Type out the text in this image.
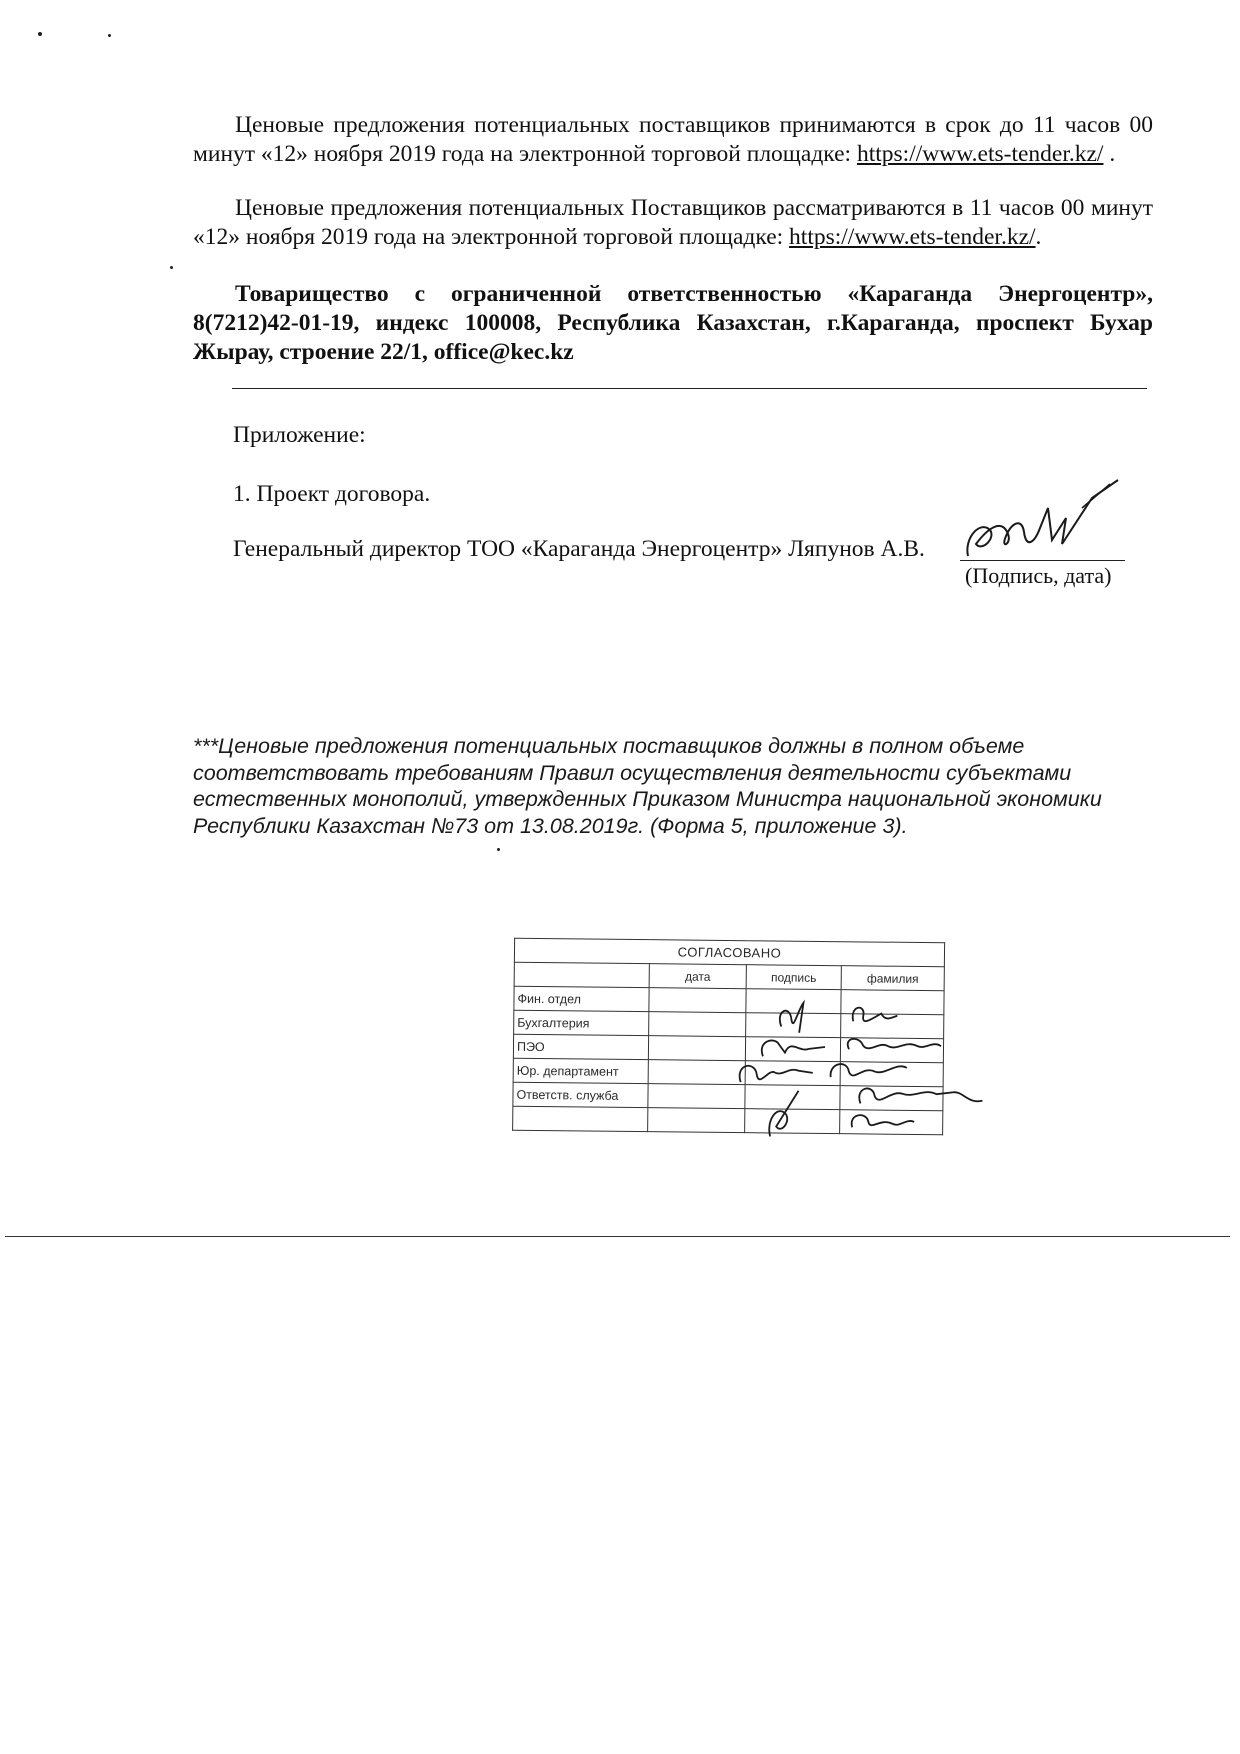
Ценовые предложения потенциальных поставщиков принимаются в срок до 11 часов 00 минут «12» ноября 2019 года на электронной торговой площадке: https://www.ets-tender.kz/ .
Ценовые предложения потенциальных Поставщиков рассматриваются в 11 часов 00 минут «12» ноября 2019 года на электронной торговой площадке: https://www.ets-tender.kz/.
Товарищество с ограниченной ответственностью «Караганда Энергоцентр», 8(7212)42-01-19, индекс 100008, Республика Казахстан, г.Караганда, проспект Бухар Жырау, строение 22/1, office@kec.kz
Приложение:
1. Проект договора.
Генеральный директор ТОО «Караганда Энергоцентр» Ляпунов А.В.
(Подпись, дата)
***Ценовые предложения потенциальных поставщиков должны в полном объеме соответствовать требованиям Правил осуществления деятельности субъектами естественных монополий, утвержденных Приказом Министра национальной экономики Республики Казахстан №73 от 13.08.2019г. (Форма 5, приложение 3).
СОГЛАСОВАНО			
	дата	подпись	фамилия
Фин. отдел			
Бухгалтерия			
ПЭО			
Юр. департамент			
Ответств. служба			
